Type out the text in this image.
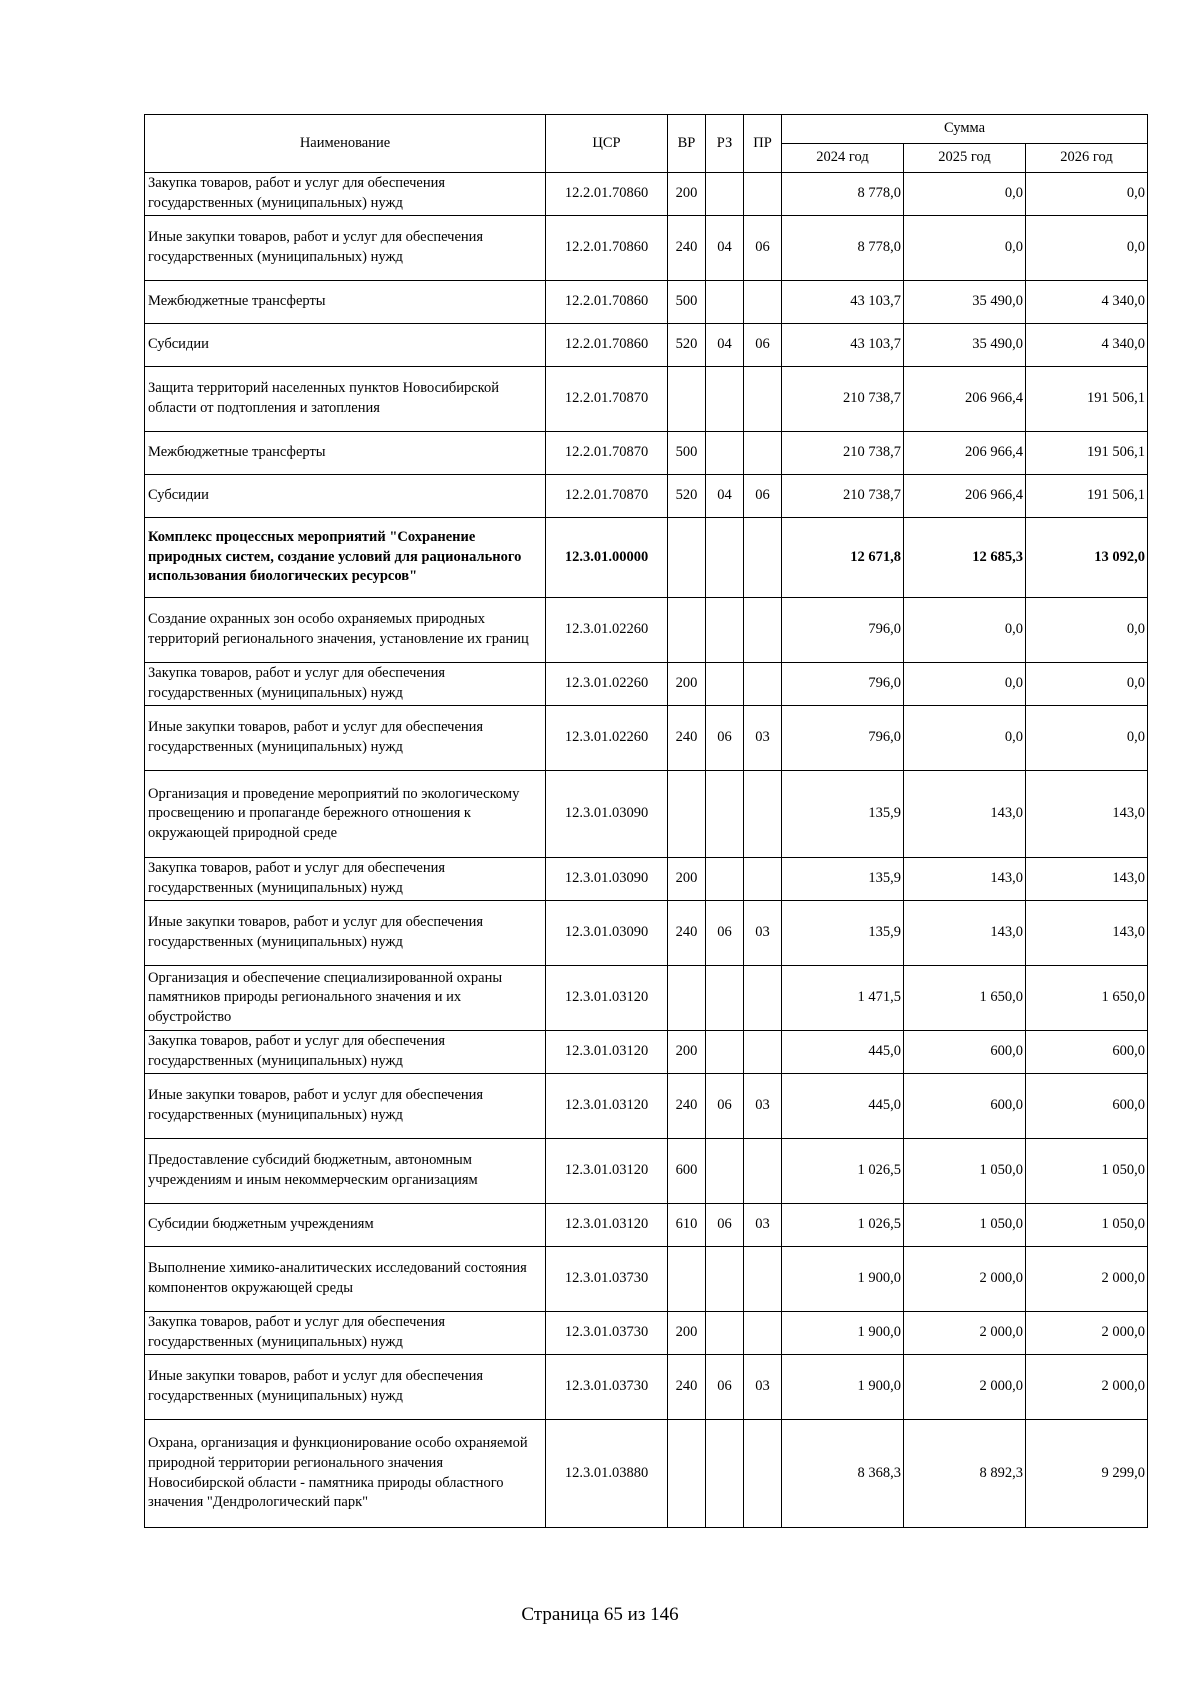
Наименование	ЦСР	ВР	РЗ	ПР	Сумма		
					2024 год	2025 год	2026 год
Закупка товаров, работ и услуг для обеспечения государственных (муниципальных) нужд	12.2.01.70860	200			8 778,0	0,0	0,0
Иные закупки товаров, работ и услуг для обеспечения государственных (муниципальных) нужд	12.2.01.70860	240	04	06	8 778,0	0,0	0,0
Межбюджетные трансферты	12.2.01.70860	500			43 103,7	35 490,0	4 340,0
Субсидии	12.2.01.70860	520	04	06	43 103,7	35 490,0	4 340,0
Защита территорий населенных пунктов Новосибирской области от подтопления и затопления	12.2.01.70870				210 738,7	206 966,4	191 506,1
Межбюджетные трансферты	12.2.01.70870	500			210 738,7	206 966,4	191 506,1
Субсидии	12.2.01.70870	520	04	06	210 738,7	206 966,4	191 506,1
Комплекс процессных мероприятий "Сохранение природных систем, создание условий для рационального использования биологических ресурсов"	12.3.01.00000				12 671,8	12 685,3	13 092,0
Создание охранных зон особо охраняемых природных территорий регионального значения, установление их границ	12.3.01.02260				796,0	0,0	0,0
Закупка товаров, работ и услуг для обеспечения государственных (муниципальных) нужд	12.3.01.02260	200			796,0	0,0	0,0
Иные закупки товаров, работ и услуг для обеспечения государственных (муниципальных) нужд	12.3.01.02260	240	06	03	796,0	0,0	0,0
Организация и проведение мероприятий по экологическому просвещению и пропаганде бережного отношения к окружающей природной среде	12.3.01.03090				135,9	143,0	143,0
Закупка товаров, работ и услуг для обеспечения государственных (муниципальных) нужд	12.3.01.03090	200			135,9	143,0	143,0
Иные закупки товаров, работ и услуг для обеспечения государственных (муниципальных) нужд	12.3.01.03090	240	06	03	135,9	143,0	143,0
Организация и обеспечение специализированной охраны памятников природы регионального значения и их обустройство	12.3.01.03120				1 471,5	1 650,0	1 650,0
Закупка товаров, работ и услуг для обеспечения государственных (муниципальных) нужд	12.3.01.03120	200			445,0	600,0	600,0
Иные закупки товаров, работ и услуг для обеспечения государственных (муниципальных) нужд	12.3.01.03120	240	06	03	445,0	600,0	600,0
Предоставление субсидий бюджетным, автономным учреждениям и иным некоммерческим организациям	12.3.01.03120	600			1 026,5	1 050,0	1 050,0
Субсидии бюджетным учреждениям	12.3.01.03120	610	06	03	1 026,5	1 050,0	1 050,0
Выполнение химико-аналитических исследований состояния компонентов окружающей среды	12.3.01.03730				1 900,0	2 000,0	2 000,0
Закупка товаров, работ и услуг для обеспечения государственных (муниципальных) нужд	12.3.01.03730	200			1 900,0	2 000,0	2 000,0
Иные закупки товаров, работ и услуг для обеспечения государственных (муниципальных) нужд	12.3.01.03730	240	06	03	1 900,0	2 000,0	2 000,0
Охрана, организация и функционирование особо охраняемой природной территории регионального значения Новосибирской области - памятника природы областного значения "Дендрологический парк"	12.3.01.03880				8 368,3	8 892,3	9 299,0
Страница 65 из 146
